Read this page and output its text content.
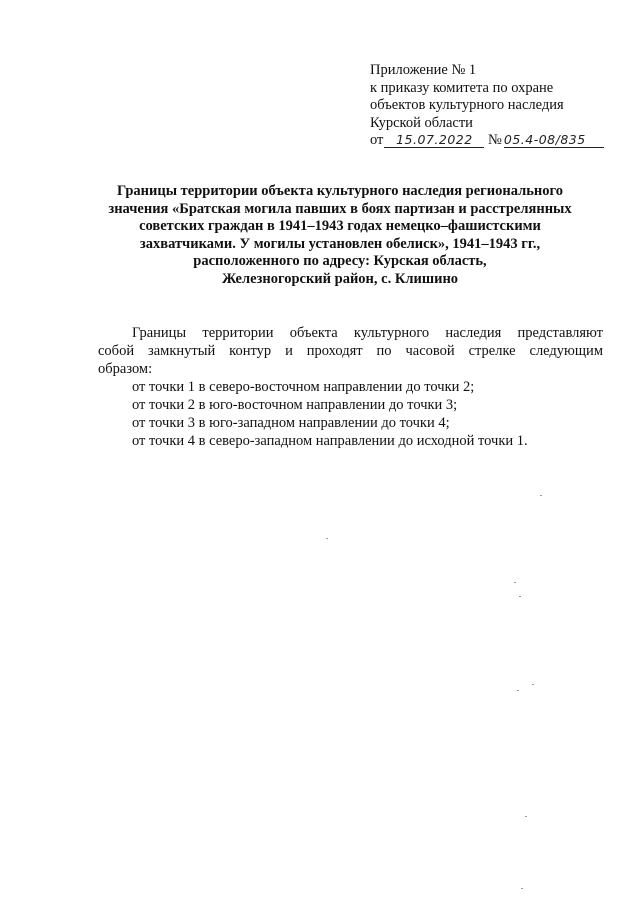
Приложение № 1
к приказу комитета по охране
объектов культурного наследия
Курской области
от 15.07.2022 № 05.4-08/835
Границы территории объекта культурного наследия регионального
значения «Братская могила павших в боях партизан и расстрелянных
советских граждан в 1941–1943 годах немецко–фашистскими
захватчиками. У могилы установлен обелиск», 1941–1943 гг.,
расположенного по адресу: Курская область,
Железногорский район, с. Клишино

Границы территории объекта культурного наследия представляют
собой замкнутый контур и проходят по часовой стрелке следующим
образом:

от точки 1 в северо-восточном направлении до точки 2;
от точки 2 в юго-восточном направлении до точки 3;
от точки 3 в юго-западном направлении до точки 4;
от точки 4 в северо-западном направлении до исходной точки 1.
